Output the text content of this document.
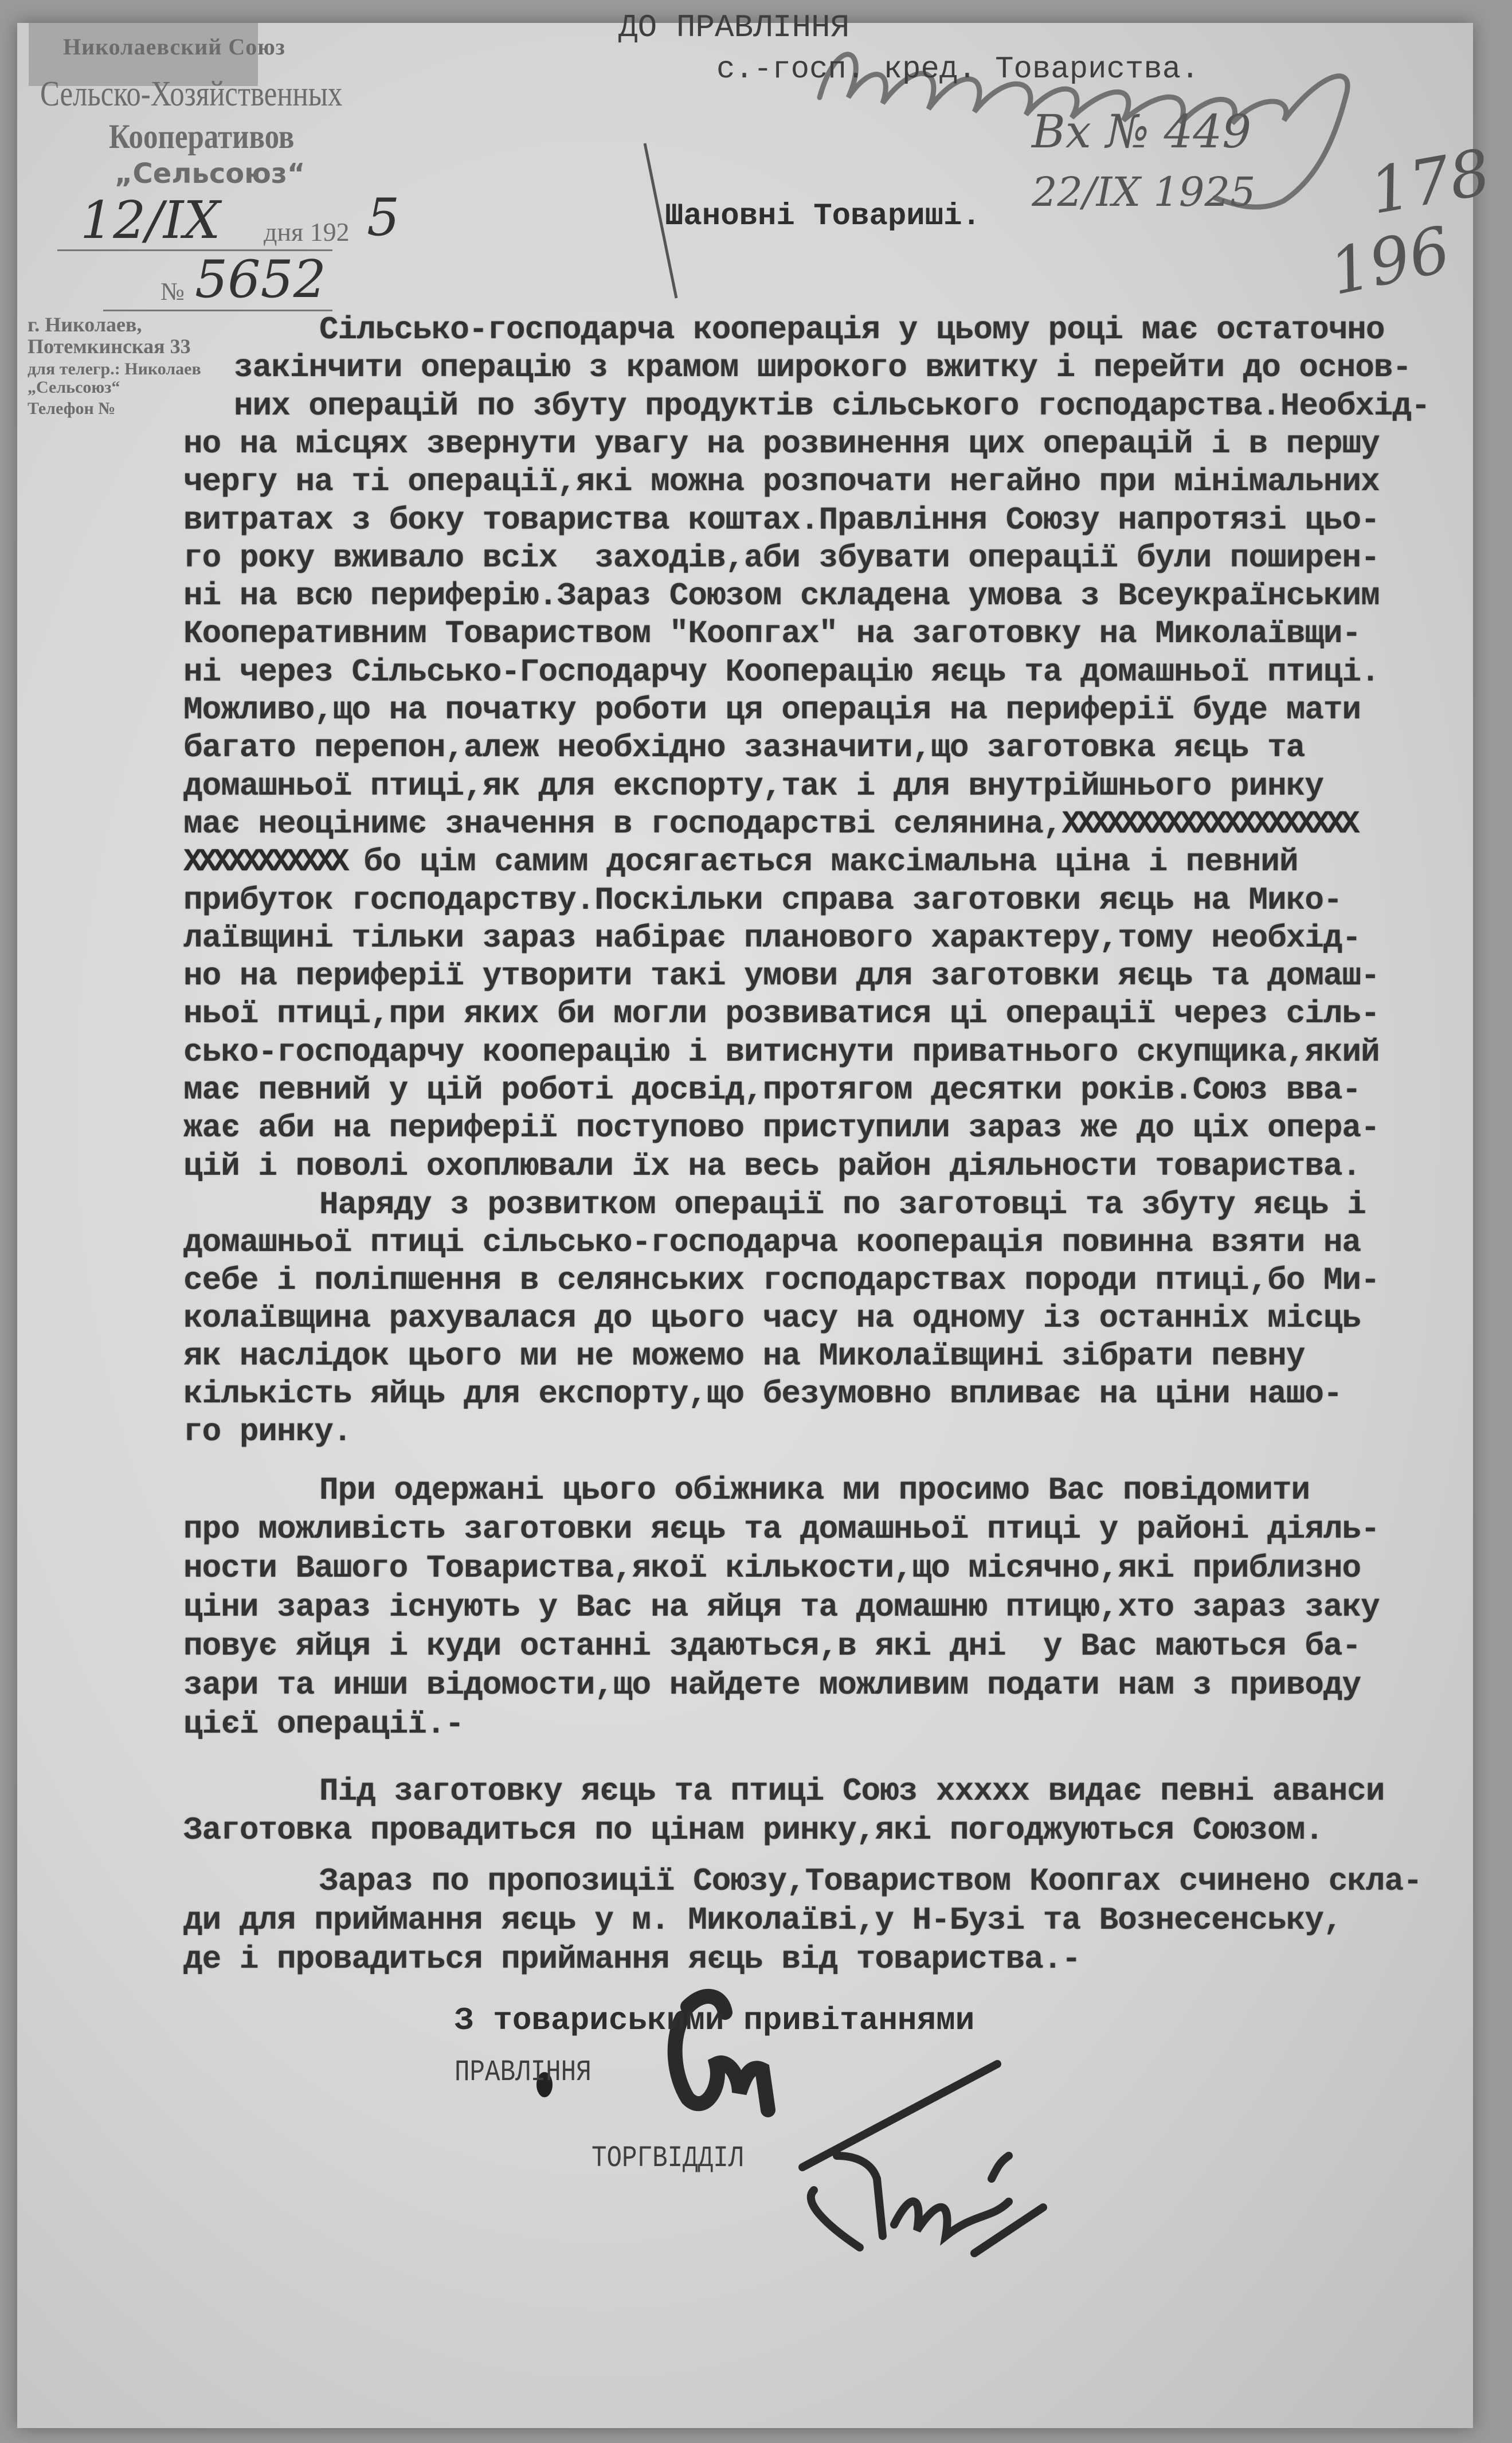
Николаевский Союз
Сельско-Хозяйственных
Кооперативов
„Сельсоюз“
дня 192
№
г. Николаев, Потемкинская 33
для телегр.: Николаев „Сельсоюз“
Телефон №
12/IX	5
5652
Вх № 449
22/IX 1925 178
196
ДО ПРАВЛІННЯ
с.-госп. кред. Товариства.
Шановні Товариші.
Сільсько-господарча кооперація у цьому році має остаточно
закінчити операцію з крамом широкого вжитку і перейти до основ-
них операцій по збуту продуктів сільського господарства.Необхід-
но на місцях звернути увагу на розвинення цих операцій і в першу
чергу на ті операції,які можна розпочати негайно при мінімальних
витратах з боку товариства коштах.Правління Союзу напротязі цьо-
го року вживало всіх  заходів,аби збувати операції були поширен-
ні на всю периферію.Зараз Союзом складена умова з Всеукраїнським
Кооперативним Товариством "Коопгах" на заготовку на Миколаївщи-
ні через Сільсько-Господарчу Кооперацію яєць та домашньої птиці.
Можливо,що на початку роботи ця операція на периферії буде мати
багато перепон,алеж необхідно зазначити,що заготовка яєць та
домашньої птиці,як для експорту,так і для внутрійшнього ринку
має неоцінимє значення в господарстві селянина,ХХХХХХХХХХХХХХХХХХХХ
ХХХХХХХХХХХ бо цім самим досягається максімальна ціна і певний
прибуток господарству.Поскільки справа заготовки яєць на Мико-
лаївщині тільки зараз набірає планового характеру,тому необхід-
но на периферії утворити такі умови для заготовки яєць та домаш-
ньої птиці,при яких би могли розвиватися ці операції через сіль-
сько-господарчу кооперацію і витиснути приватнього скупщика,який
має певний у цій роботі досвід,протягом десятки років.Союз вва-
жає аби на периферії поступово приступили зараз же до ціх опера-
цій і поволі охоплювали їх на весь район діяльности товариства.
Наряду з розвитком операції по заготовці та збуту яєць і
домашньої птиці сільсько-господарча кооперація повинна взяти на
себе і поліпшення в селянських господарствах породи птиці,бо Ми-
колаївщина рахувалася до цього часу на одному із останніх місць
як наслідок цього ми не можемо на Миколаївщині зібрати певну
кількість яйць для експорту,що безумовно впливає на ціни нашо-
го ринку.
При одержані цього обіжника ми просимо Вас повідомити
про можливість заготовки яєць та домашньої птиці у районі діяль-
ности Вашого Товариства,якої кількости,що місячно,які приблизно
ціни зараз існують у Вас на яйця та домашню птицю,хто зараз заку
повує яйця і куди останні здаються,в які дні  у Вас маються ба-
зари та инши відомости,що найдете можливим подати нам з приводу
цієї операції.-
Під заготовку яєць та птиці Союз ххххх видає певні аванси
Заготовка провадиться по цінам ринку,які погоджуються Союзом.
Зараз по пропозиції Союзу,Товариством Коопгах счинено скла-
ди для приймання яєць у м. Миколаїві,у Н-Бузі та Вознесенську,
де і провадиться приймання яєць від товариства.-
З товариськими привітаннями
ПРАВЛІННЯ
ТОРГВІДДІЛ
